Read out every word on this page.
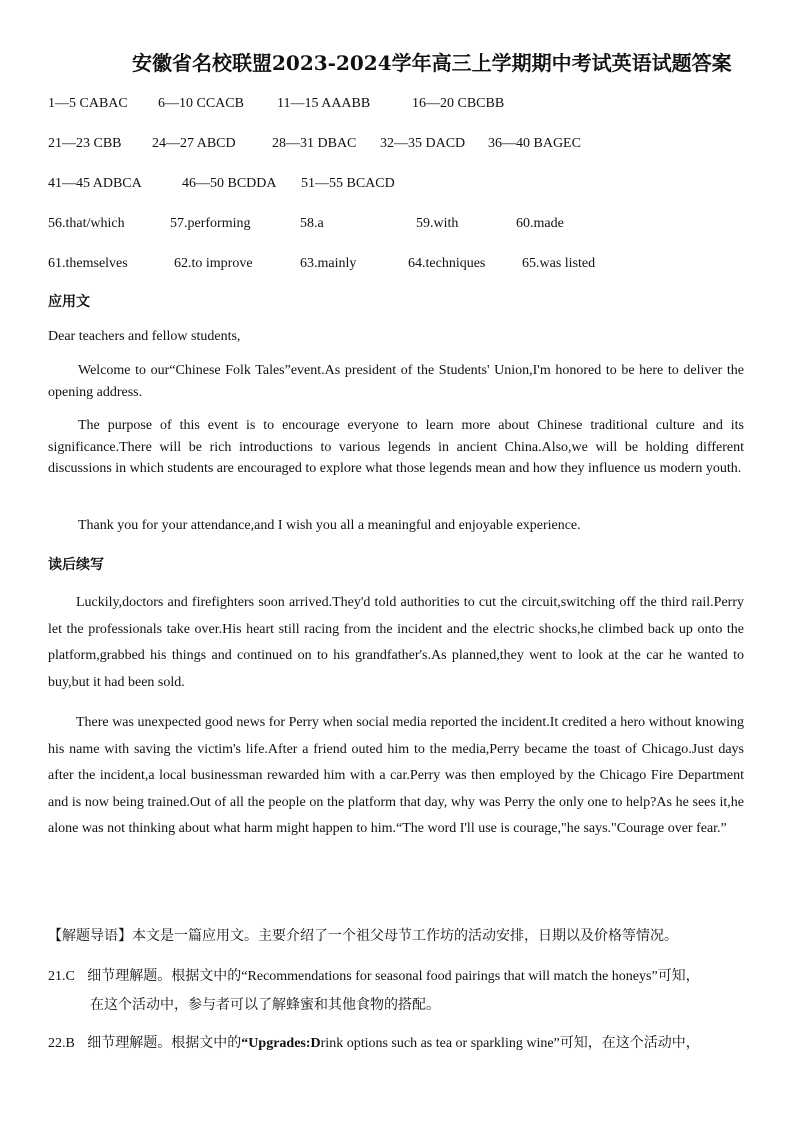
安徽省名校联盟2023-2024学年高三上学期期中考试英语试题答案
1—5 CABAC 6—10 CCACB 11—15 AAABB	16—20 CBCBB
21—23 CBB 24—27 ABCD	28—31 DBAC 32—35 DACD 36—40 BAGEC
41—45 ADBCA	46—50 BCDDA 51—55 BCACD
56.that/which	57.performing	58.a	59.with	60.made
61.themselves	62.to improve	63.mainly	64.techniques	65.was listed
应用文
Dear teachers and fellow students,
Welcome to our“Chinese Folk Tales”event.As president of the Students' Union,I'm honored to be here to deliver the opening address.
The purpose of this event is to encourage everyone to learn more about Chinese traditional culture and its significance.There will be rich introductions to various legends in ancient China.Also,we will be holding different discussions in which students are encouraged to explore what those legends mean and how they influence us modern youth.
Thank you for your attendance,and I wish you all a meaningful and enjoyable experience.
读后续写
Luckily,doctors and firefighters soon arrived.They'd told authorities to cut the circuit,switching off the third rail.Perry let the professionals take over.His heart still racing from the incident and the electric shocks,he climbed back up onto the platform,grabbed his things and continued on to his grandfather's.As planned,they went to look at the car he wanted to buy,but it had been sold.
There was unexpected good news for Perry when social media reported the incident.It credited a hero without knowing his name with saving the victim's life.After a friend outed him to the media,Perry became the toast of Chicago.Just days after the incident,a local businessman rewarded him with a car.Perry was then employed by the Chicago Fire Department and is now being trained.Out of all the people on the platform that day, why was Perry the only one to help?As he sees it,he alone was not thinking about what harm might happen to him.“The word I'll use is courage,"he says."Courage over fear.”
【解题导语】本文是一篇应用文。主要介绍了一个祖父母节工作坊的活动安排，日期以及价格等情况。
21.C 细节理解题。根据文中的“Recommendations for seasonal food pairings that will match the honeys”可知，
在这个活动中，参与者可以了解蜂蜜和其他食物的搭配。
22.B 细节理解题。根据文中的“Upgrades:Drink options such as tea or sparkling wine”可知，在这个活动中，
